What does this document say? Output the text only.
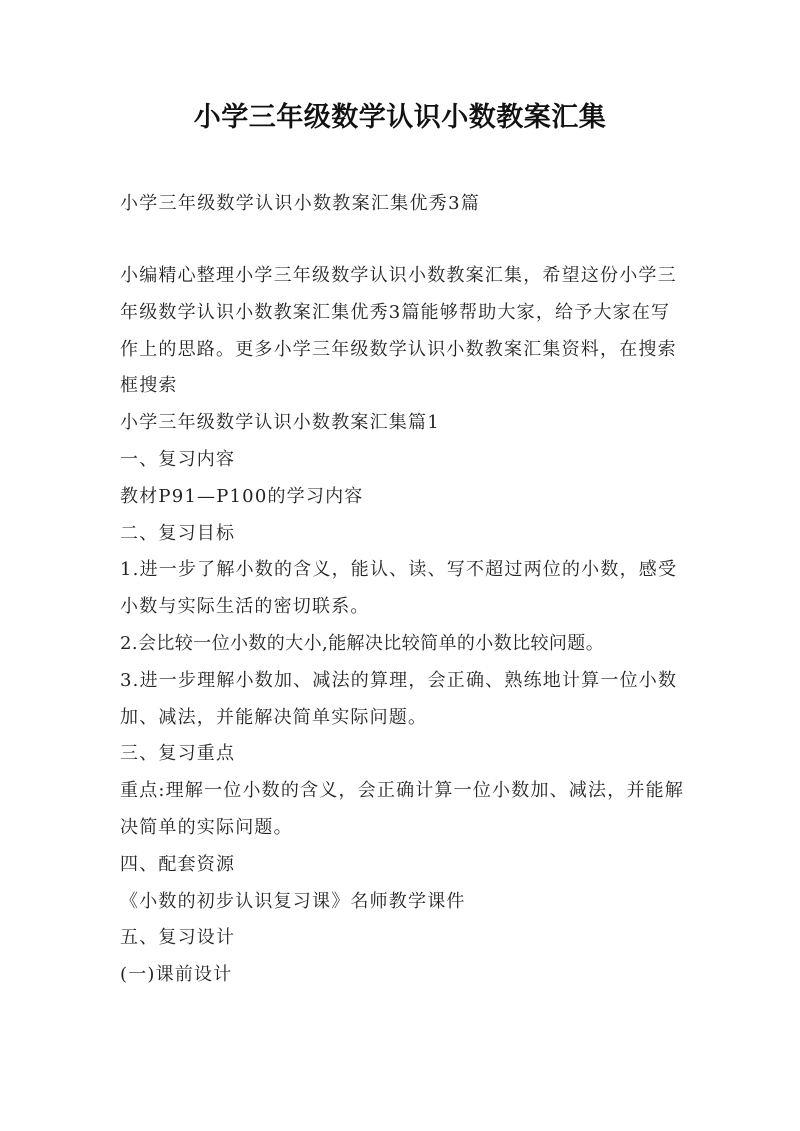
小学三年级数学认识小数教案汇集
小学三年级数学认识小数教案汇集优秀3篇

小编精心整理小学三年级数学认识小数教案汇集，希望这份小学三年级数学认识小数教案汇集优秀3篇能够帮助大家，给予大家在写作上的思路。更多小学三年级数学认识小数教案汇集资料，在搜索框搜索

小学三年级数学认识小数教案汇集篇1

一、复习内容

教材P91—P100的学习内容

二、复习目标

1.进一步了解小数的含义，能认、读、写不超过两位的小数，感受小数与实际生活的密切联系。

2.会比较一位小数的大小,能解决比较简单的小数比较问题。

3.进一步理解小数加、减法的算理，会正确、熟练地计算一位小数加、减法，并能解决简单实际问题。

三、复习重点

重点:理解一位小数的含义，会正确计算一位小数加、减法，并能解决简单的实际问题。

四、配套资源

《小数的初步认识复习课》名师教学课件

五、复习设计

(一)课前设计
